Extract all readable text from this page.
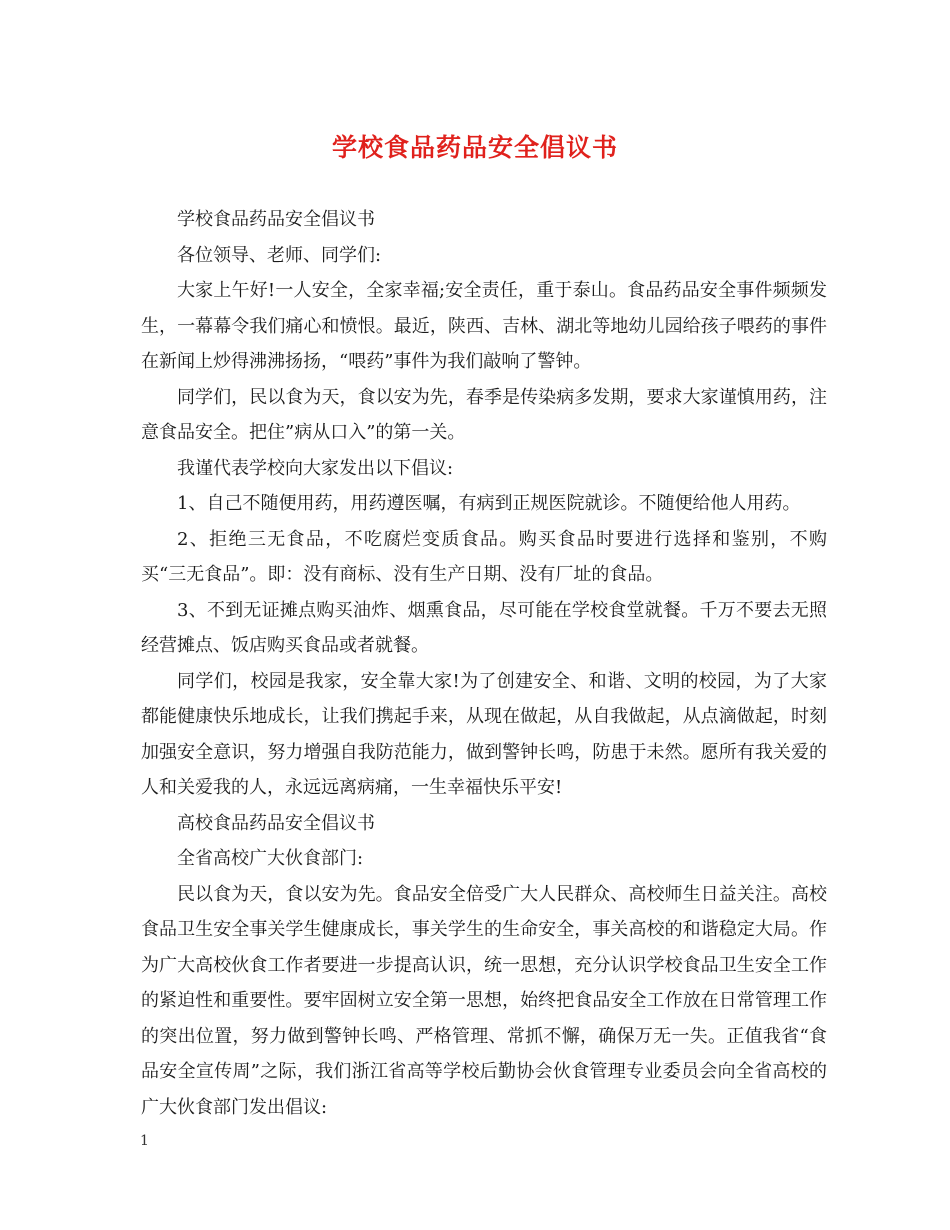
学校食品药品安全倡议书

学校食品药品安全倡议书

各位领导、老师、同学们:

大家上午好!一人安全，全家幸福;安全责任，重于泰山。食品药品安全事件频频发生，一幕幕令我们痛心和愤恨。最近，陕西、吉林、湖北等地幼儿园给孩子喂药的事件在新闻上炒得沸沸扬扬，“喂药”事件为我们敲响了警钟。

同学们，民以食为天，食以安为先，春季是传染病多发期，要求大家谨慎用药，注意食品安全。把住”病从口入”的第一关。

我谨代表学校向大家发出以下倡议:

1、自己不随便用药，用药遵医嘱，有病到正规医院就诊。不随便给他人用药。

2、拒绝三无食品，不吃腐烂变质食品。购买食品时要进行选择和鉴别，不购买“三无食品”。即：没有商标、没有生产日期、没有厂址的食品。

3、不到无证摊点购买油炸、烟熏食品，尽可能在学校食堂就餐。千万不要去无照经营摊点、饭店购买食品或者就餐。

同学们，校园是我家，安全靠大家!为了创建安全、和谐、文明的校园，为了大家都能健康快乐地成长，让我们携起手来，从现在做起，从自我做起，从点滴做起，时刻加强安全意识，努力增强自我防范能力，做到警钟长鸣，防患于未然。愿所有我关爱的人和关爱我的人，永远远离病痛，一生幸福快乐平安!

高校食品药品安全倡议书

全省高校广大伙食部门:

民以食为天，食以安为先。食品安全倍受广大人民群众、高校师生日益关注。高校食品卫生安全事关学生健康成长，事关学生的生命安全，事关高校的和谐稳定大局。作为广大高校伙食工作者要进一步提高认识，统一思想，充分认识学校食品卫生安全工作的紧迫性和重要性。要牢固树立安全第一思想，始终把食品安全工作放在日常管理工作的突出位置，努力做到警钟长鸣、严格管理、常抓不懈，确保万无一失。正值我省“食品安全宣传周”之际，我们浙江省高等学校后勤协会伙食管理专业委员会向全省高校的广大伙食部门发出倡议:

1
